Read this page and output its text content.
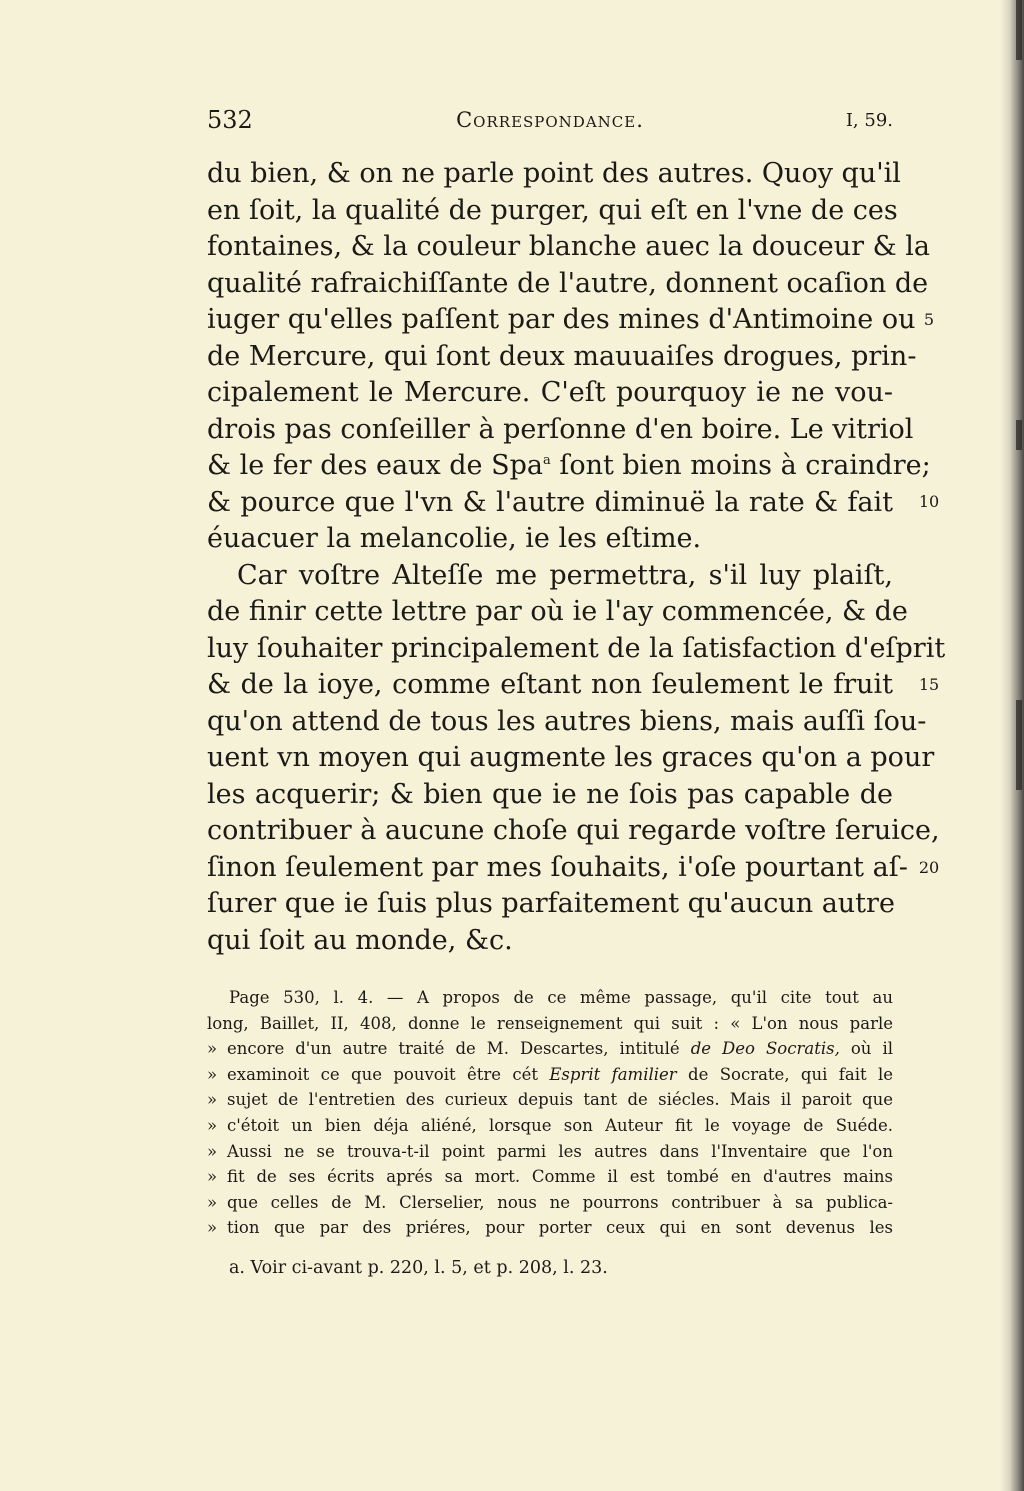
532	Correspondance.	I, 59.
du bien, & on ne parle point des autres. Quoy qu'il
en ſoit, la qualité de purger, qui eſt en l'vne de ces
fontaines, & la couleur blanche auec la douceur & la
qualité rafraichiſſante de l'autre, donnent ocaſion de
iuger qu'elles paſſent par des mines d'Antimoine ou
de Mercure, qui ſont deux mauuaiſes drogues, prin-
cipalement le Mercure. C'eſt pourquoy ie ne vou-
drois pas conſeiller à perſonne d'en boire. Le vitriol
& le fer des eaux de Spa$^a$ ſont bien moins à craindre;
& pource que l'vn & l'autre diminuë la rate & fait
éuacuer la melancolie, ie les eſtime.
Car voſtre Alteſſe me permettra, s'il luy plaiſt,
de finir cette lettre par où ie l'ay commencée, & de
luy ſouhaiter principalement de la ſatisfaction d'eſprit
& de la ioye, comme eſtant non ſeulement le fruit
qu'on attend de tous les autres biens, mais auſſi ſou-
uent vn moyen qui augmente les graces qu'on a pour
les acquerir; & bien que ie ne ſois pas capable de
contribuer à aucune choſe qui regarde voſtre ſeruice,
ſinon ſeulement par mes ſouhaits, i'oſe pourtant aſ-
ſurer que ie ſuis plus parfaitement qu'aucun autre
qui ſoit au monde, &c.
5
10
15
20
Page 530, l. 4. — A propos de ce même passage, qu'il cite tout au
long, Baillet, II, 408, donne le renseignement qui suit : « L'on nous parle
» encore d'un autre traité de M. Descartes, intitulé de Deo Socratis, où il
» examinoit ce que pouvoit être cét Esprit familier de Socrate, qui fait le
» sujet de l'entretien des curieux depuis tant de siécles. Mais il paroit que
» c'étoit un bien déja aliéné, lorsque son Auteur fit le voyage de Suéde.
» Aussi ne se trouva-t-il point parmi les autres dans l'Inventaire que l'on
» fit de ses écrits aprés sa mort. Comme il est tombé en d'autres mains
» que celles de M. Clerselier, nous ne pourrons contribuer à sa publica-
» tion que par des priéres, pour porter ceux qui en sont devenus les
a. Voir ci-avant p. 220, l. 5, et p. 208, l. 23.
